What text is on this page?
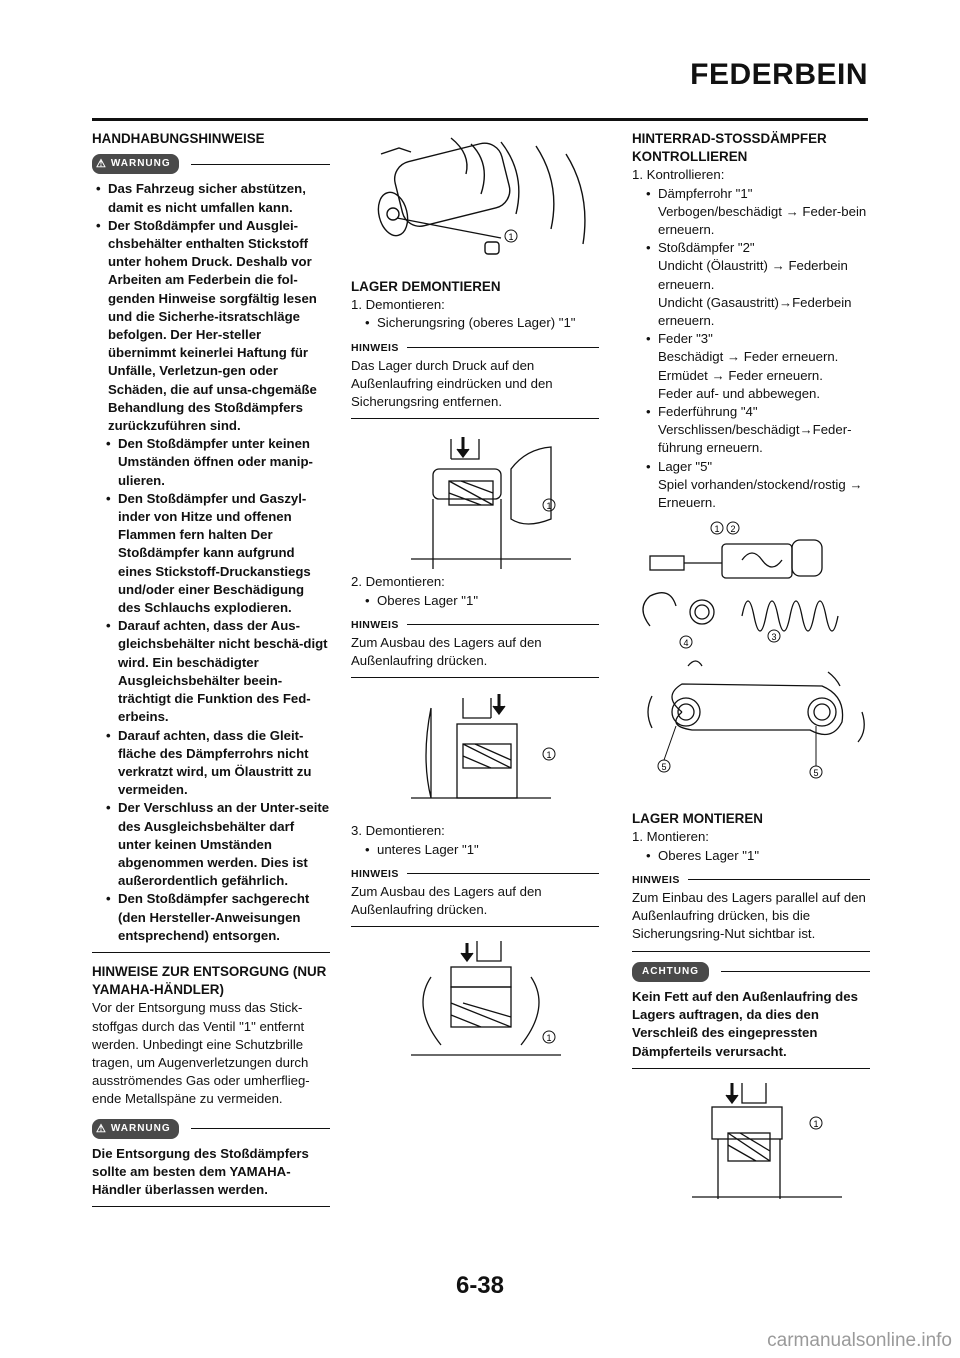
FEDERBEIN
HANDHABUNGSHINWEISE
⚠ WARNUNG
• Das Fahrzeug sicher abstützen, damit es nicht umfallen kann.
• Der Stoßdämpfer und Ausglei-chsbehälter enthalten Stickstoff unter hohem Druck. Deshalb vor Arbeiten am Federbein die fol-genden Hinweise sorgfältig lesen und die Sicherhe-itsratschläge befolgen. Der Her-steller übernimmt keinerlei Haftung für Unfälle, Verletzun-gen oder Schäden, die auf unsa-chgemäße Behandlung des Stoßdämpfers zurückzuführen sind.
• Den Stoßdämpfer unter keinen Umständen öffnen oder manip-ulieren.
• Den Stoßdämpfer und Gaszyl-inder von Hitze und offenen Flammen fern halten Der Stoßdämpfer kann aufgrund eines Stickstoff-Druckanstiegs und/oder einer Beschädigung des Schlauchs explodieren.
• Darauf achten, dass der Aus-gleichsbehälter nicht beschä-digt wird. Ein beschädigter Ausgleichsbehälter beein-trächtigt die Funktion des Fed-erbeins.
• Darauf achten, dass die Gleit-fläche des Dämpferrohrs nicht verkratzt wird, um Ölaustritt zu vermeiden.
• Der Verschluss an der Unter-seite des Ausgleichsbehälter darf unter keinen Umständen abgenommen werden. Dies ist außerordentlich gefährlich.
• Den Stoßdämpfer sachgerecht (den Hersteller-Anweisungen entsprechend) entsorgen.
HINWEISE ZUR ENTSORGUNG (NUR YAMAHA-HÄNDLER)
Vor der Entsorgung muss das Stick-stoffgas durch das Ventil "1" entfernt werden. Unbedingt eine Schutzbrille tragen, um Augenverletzungen durch ausströmendes Gas oder umherflieg-ende Metallspäne zu vermeiden.
⚠ WARNUNG
Die Entsorgung des Stoßdämpfers sollte am besten dem YAMAHA-Händler überlassen werden.
1
LAGER DEMONTIEREN
1. Demontieren:
• Sicherungsring (oberes Lager) "1"
HINWEIS
Das Lager durch Druck auf den Außenlaufring eindrücken und den Sicherungsring entfernen.
1
2. Demontieren:
• Oberes Lager "1"
HINWEIS
Zum Ausbau des Lagers auf den Außenlaufring drücken.
1
3. Demontieren:
• unteres Lager "1"
HINWEIS
Zum Ausbau des Lagers auf den Außenlaufring drücken.
1
HINTERRAD-STOSSDÄMPFER KONTROLLIEREN
1. Kontrollieren:
• Dämpferrohr "1"
Verbogen/beschädigt → Feder-bein erneuern.
• Stoßdämpfer "2"
Undicht (Ölaustritt) → Federbein erneuern.
Undicht (Gasaustritt)→Federbein erneuern.
• Feder "3"
Beschädigt → Feder erneuern.
Ermüdet → Feder erneuern.
Feder auf- und abbewegen.
• Federführung "4"
Verschlissen/beschädigt→Feder-führung erneuern.
• Lager "5"
Spiel vorhanden/stockend/rostig → Erneuern.
1 2
3
4
5
5
LAGER MONTIEREN
1. Montieren:
• Oberes Lager "1"
HINWEIS
Zum Einbau des Lagers parallel auf den Außenlaufring drücken, bis die Sicherungsring-Nut sichtbar ist.
ACHTUNG
Kein Fett auf den Außenlaufring des Lagers auftragen, da dies den Verschleiß des eingepressten Dämpferteils verursacht.
1
6-38
carmanualsonline.info
